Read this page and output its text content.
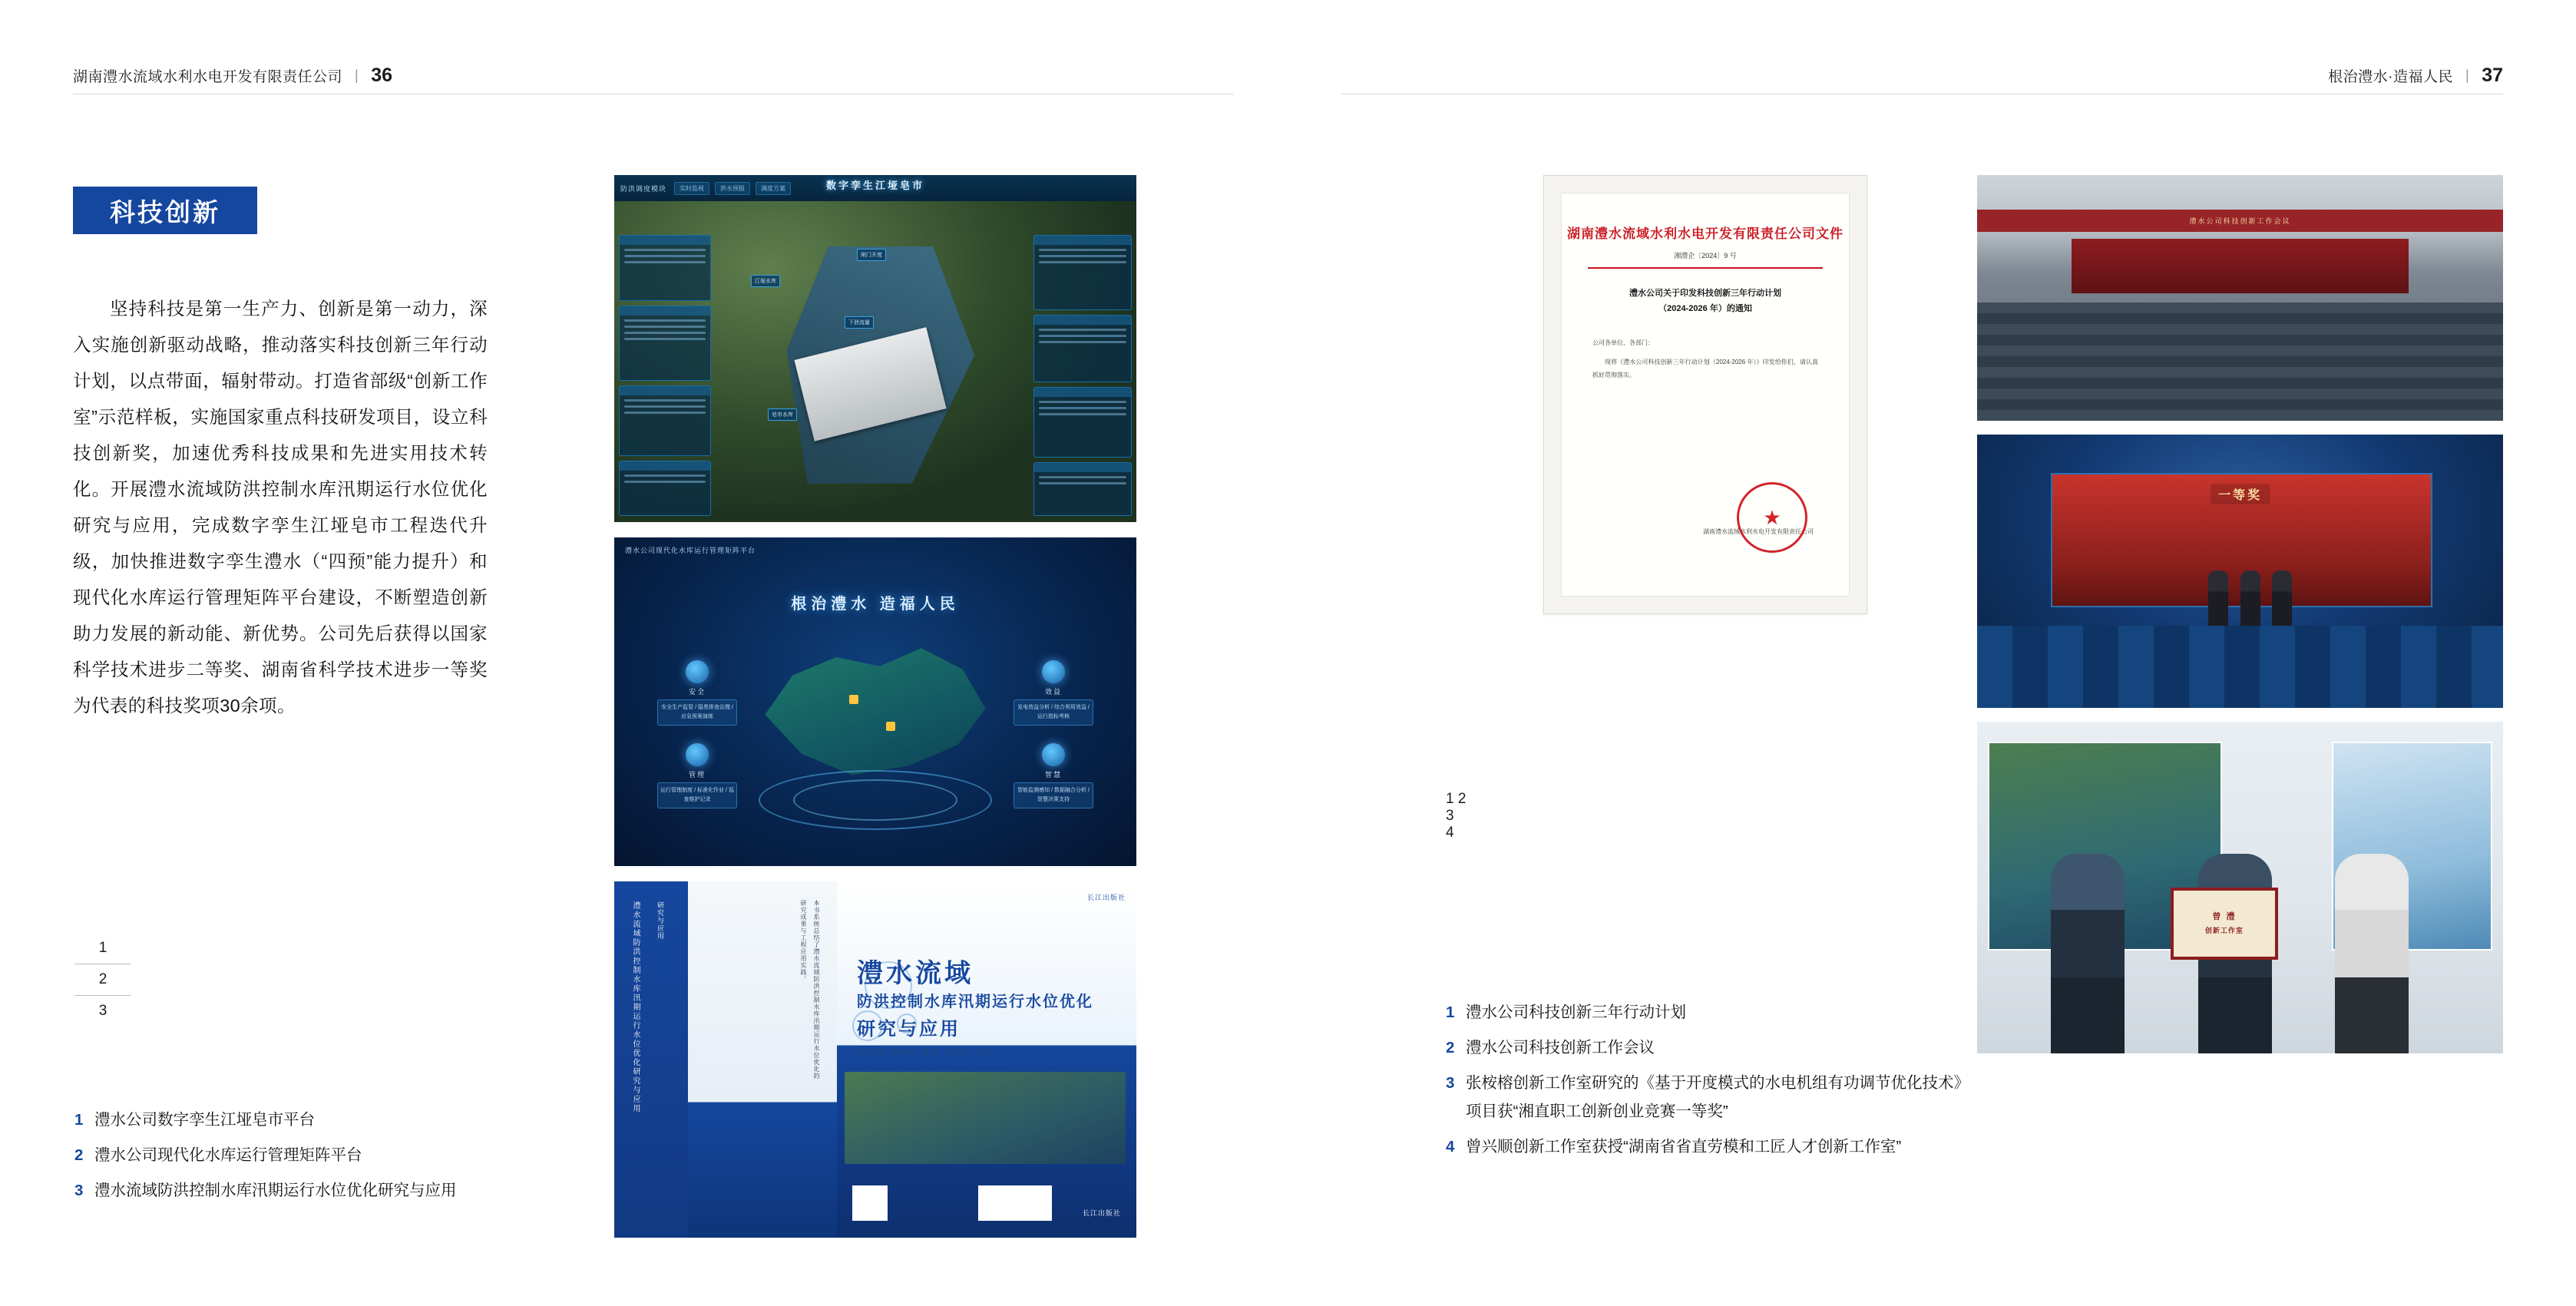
湖南澧水流域水利水电开发有限责任公司 | 36
科技创新

坚持科技是第一生产力、创新是第一动力，深入实施创新驱动战略，推动落实科技创新三年行动计划，以点带面，辐射带动。打造省部级“创新工作室”示范样板，实施国家重点科技研发项目，设立科技创新奖，加速优秀科技成果和先进实用技术转化。开展澧水流域防洪控制水库汛期运行水位优化研究与应用，完成数字孪生江垭皂市工程迭代升级，加快推进数字孪生澧水（“四预”能力提升）和现代化水库运行管理矩阵平台建设，不断塑造创新助力发展的新动能、新优势。公司先后获得以国家科学技术进步二等奖、湖南省科学技术进步一等奖为代表的科技奖项30余项。

1
2
3
1 澧水公司数字孪生江垭皂市平台
2 澧水公司现代化水库运行管理矩阵平台
3 澧水流域防洪控制水库汛期运行水位优化研究与应用
防洪调度模块	实时监视	洪水预报	调度方案	数字孪生江垭皂市
江垭水库
闸门开度
下泄流量
皂市水库
澧水公司现代化水库运行管理矩阵平台
根治澧水 造福人民
安全
安全生产监管 / 隐患排查治理 / 应急预案演练
效益
发电效益分析 / 综合利用效益 / 运行指标考核
管理
运行管理制度 / 标准化作业 / 巡查维护记录
智慧
智能监测感知 / 数据融合分析 / 智慧决策支持
澧水流域防洪控制水库汛期运行水位优化研究与应用	研究与应用	本书系统总结了澧水流域防洪控制水库汛期运行水位优化的研究成果与工程应用实践。
长江出版社
澧水流域
防洪控制水库汛期运行水位优化
研究与应用
洪兴骏 邱林明 董军 刘世军 等著
长江出版社
根治澧水·造福人民 | 37
湖南澧水流域水利水电开发有限责任公司文件
湘澧企〔2024〕9 号
澧水公司关于印发科技创新三年行动计划
（2024-2026 年）的通知
公司各单位、各部门：
现将《澧水公司科技创新三年行动计划（2024-2026 年）》印发给你们，请认真抓好贯彻落实。
湖南澧水流域水利水电开发有限责任公司
★
1 2
3
4
1 澧水公司科技创新三年行动计划
2 澧水公司科技创新工作会议
3 张桉榕创新工作室研究的《基于开度模式的水电机组有功调节优化技术》项目获“湘直职工创新创业竞赛一等奖”
4 曾兴顺创新工作室获授“湖南省省直劳模和工匠人才创新工作室”
澧水公司科技创新工作会议
一等奖
曾 澧
创新工作室
